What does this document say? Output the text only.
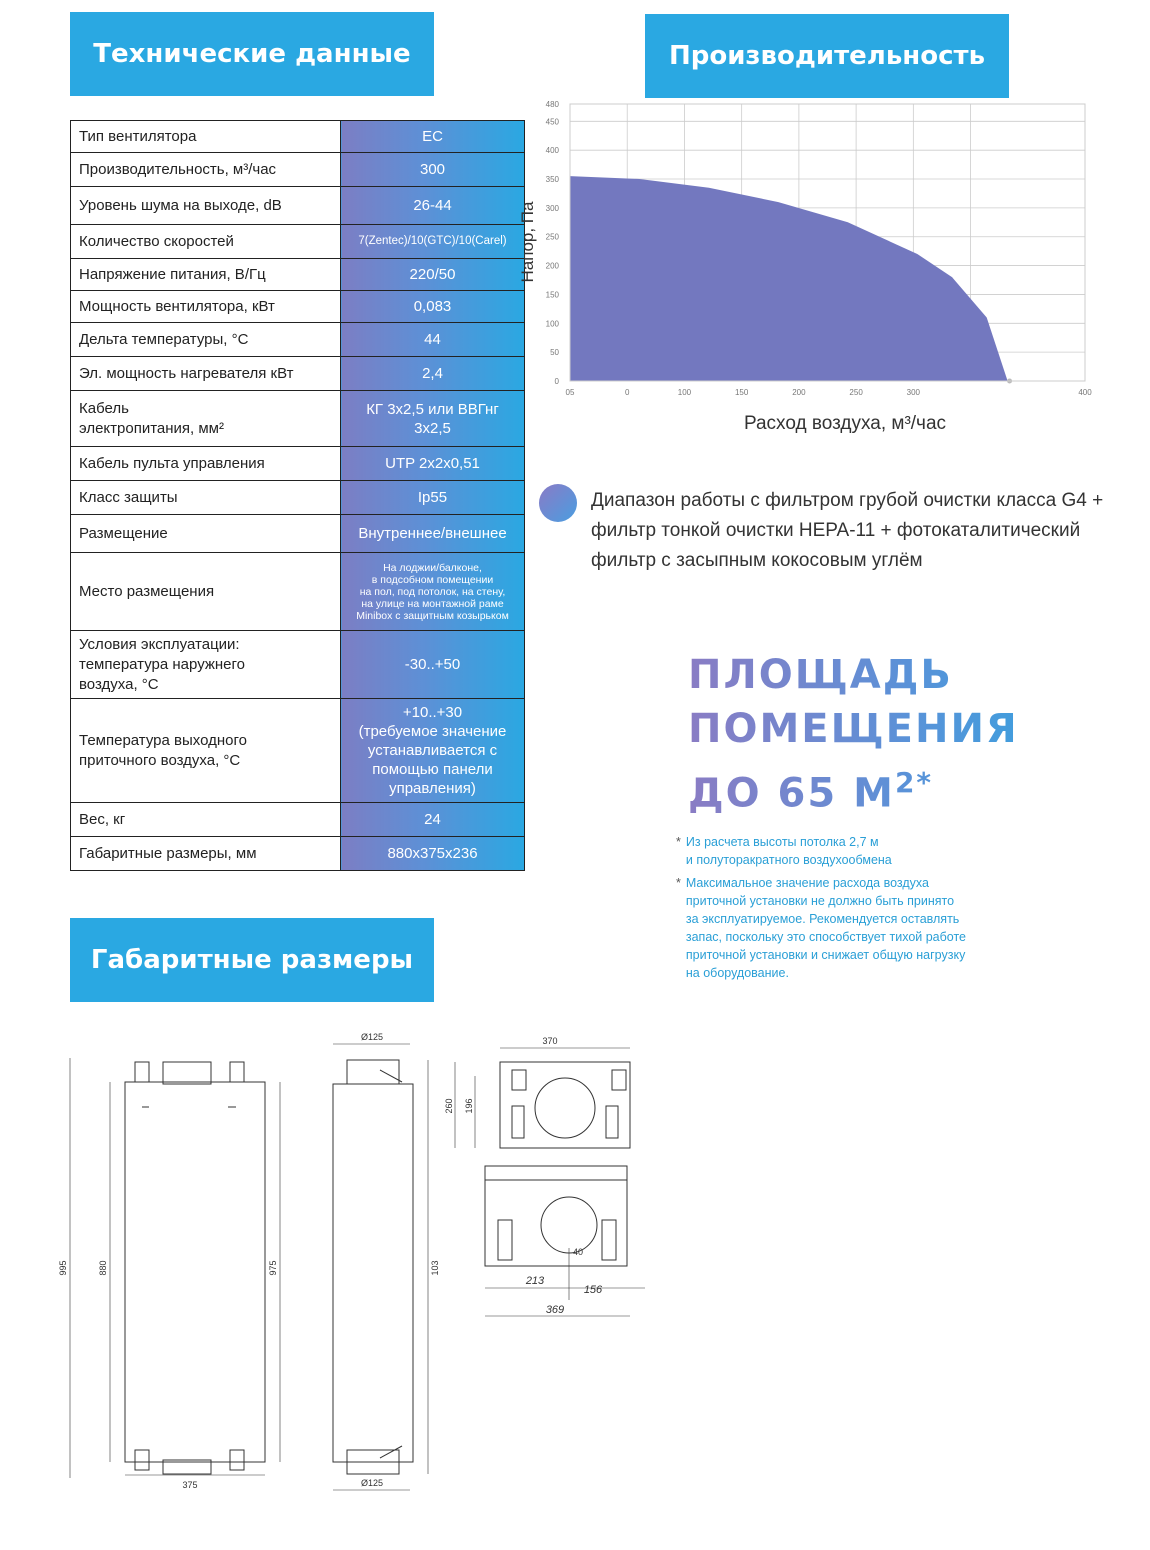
Технические данные	Производительность
Габаритные размеры
Тип вентилятора	EC
Производительность, м³/час	300
Уровень шума на выходе, dB	26-44
Количество скоростей	7(Zentec)/10(GTC)/10(Carel)
Напряжение питания, В/Гц	220/50
Мощность вентилятора, кВт	0,083
Дельта температуры, °С	44
Эл. мощность нагревателя кВт	2,4
Кабель
электропитания, мм²	КГ 3х2,5 или ВВГнг
3х2,5
Кабель пульта управления	UTP 2x2x0,51
Класс защиты	Ip55
Размещение	Внутреннее/внешнее
Место размещения	На лоджии/балконе,
в подсобном помещении
на пол, под потолок, на стену,
на улице на монтажной раме
Minibox с защитным козырьком
Условия эксплуатации:
температура наружнего
воздуха, °С	-30..+50
Температура выходного
приточного воздуха, °С	+10..+30
(требуемое значение
устанавливается с
помощью панели
управления)
Вес, кг	24
Габаритные размеры, мм	880х375х236
0
50
100
150
200
250
300
350
400
450
480
05	0	100	150	200	250	300	400
Напор, Па
Расход воздуха, м³/час
Диапазон работы с фильтром грубой очистки класса G4 + фильтр тонкой очистки HEPA-11 + фотокаталитический фильтр с засыпным кокосовым углём
ПЛОЩАДЬ
ПОМЕЩЕНИЯ
ДО 65 $М^{2*}$
* Из расчета высоты потолка 2,7 м
и полуторакратного воздухообмена
* Максимальное значение расхода воздуха
приточной установки не должно быть принято
за эксплуатируемое. Рекомендуется оставлять
запас, поскольку это способствует тихой работе
приточной установки и снижает общую нагрузку
на оборудование.
995	880	975
375
Ø125
Ø125
103
370
260 196
40
213
156
369
